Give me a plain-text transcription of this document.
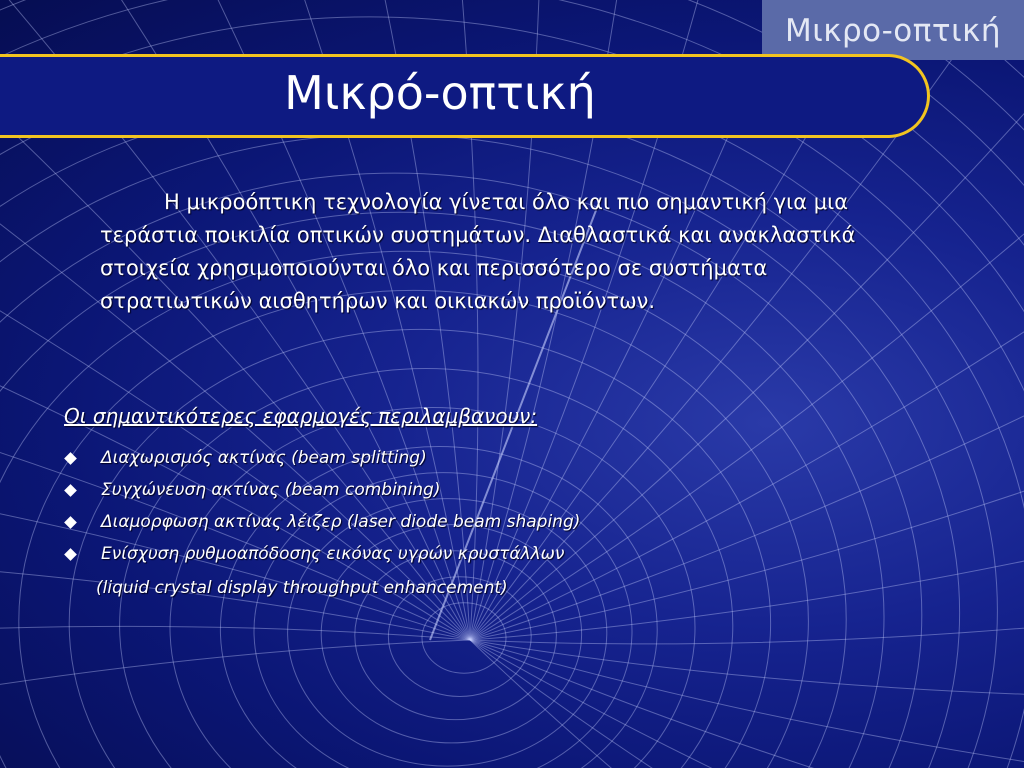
Μικρο-οπτική
Μικρό-οπτική
Η μικροόπτικη τεχνολογία γίνεται όλο και πιο σημαντική για μια τεράστια ποικιλία οπτικών συστημάτων. Διαθλαστικά και ανακλαστικά στοιχεία χρησιμοποιούνται όλο και περισσότερο σε συστήματα στρατιωτικών αισθητήρων και οικιακών προϊόντων.
Οι σημαντικότερες εφαρμογές περιλαμβανουν:
Διαχωρισμός ακτίνας (beam splitting)
Συγχώνευση ακτίνας (beam combining)
Διαμορφωση ακτίνας λέιζερ (laser diode beam shaping)
Ενίσχυση ρυθμοαπόδοσης εικόνας υγρών κρυστάλλων
(liquid crystal display throughput enhancement)
